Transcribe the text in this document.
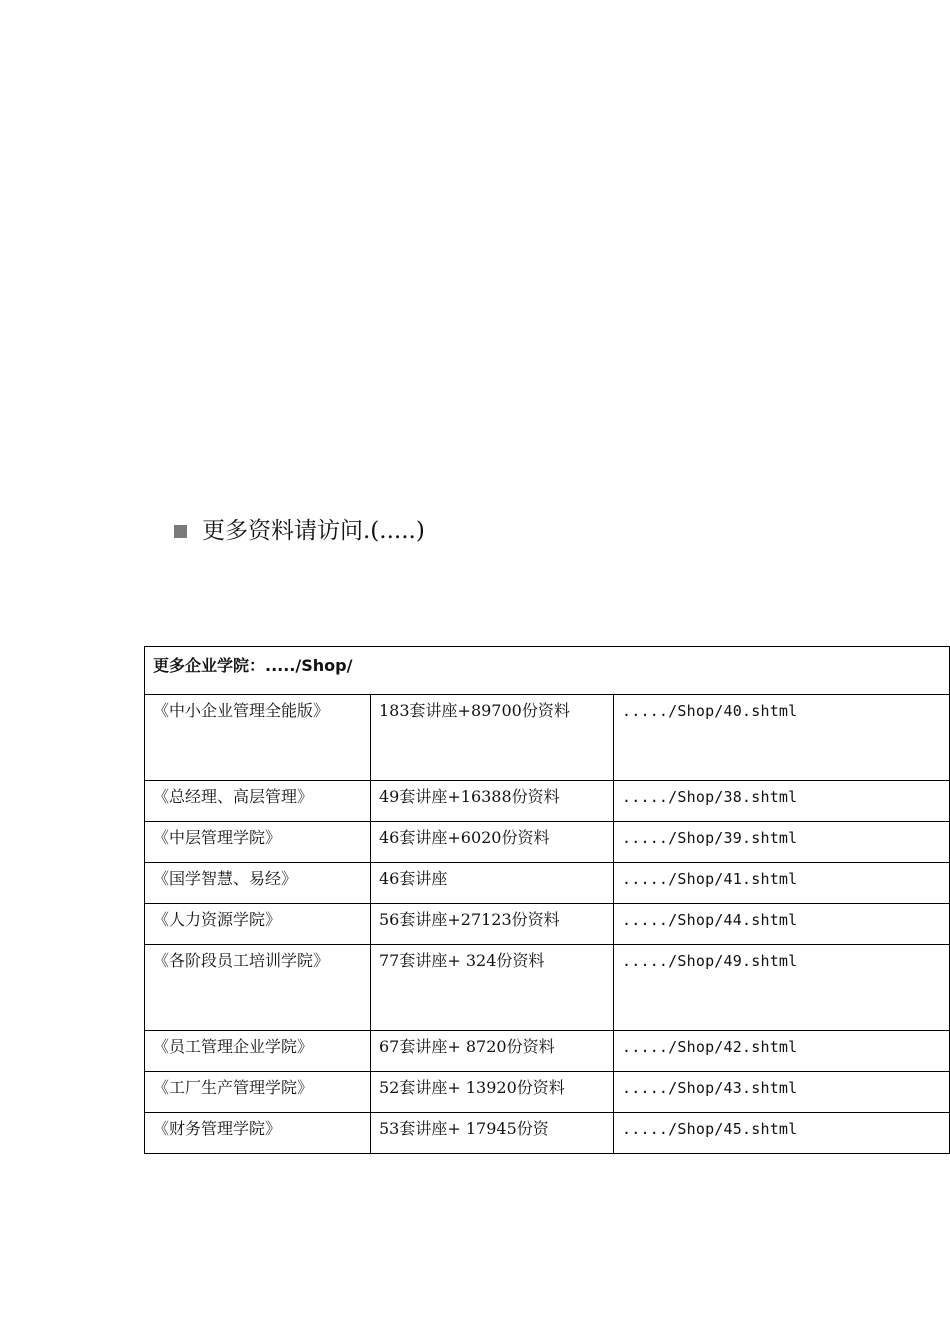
更多资料请访问.(.....)
更多企业学院：...../Shop/		

《中小企业管理全能版》	183套讲座+89700份资料	...../Shop/40.shtml

《总经理、高层管理》	49套讲座+16388份资料	...../Shop/38.shtml

《中层管理学院》	46套讲座+6020份资料	...../Shop/39.shtml

《国学智慧、易经》	46套讲座	...../Shop/41.shtml

《人力资源学院》	56套讲座+27123份资料	...../Shop/44.shtml

《各阶段员工培训学院》	77套讲座+ 324份资料	...../Shop/49.shtml

《员工管理企业学院》	67套讲座+ 8720份资料	...../Shop/42.shtml

《工厂生产管理学院》	52套讲座+ 13920份资料	...../Shop/43.shtml

《财务管理学院》	53套讲座+ 17945份资	...../Shop/45.shtml
